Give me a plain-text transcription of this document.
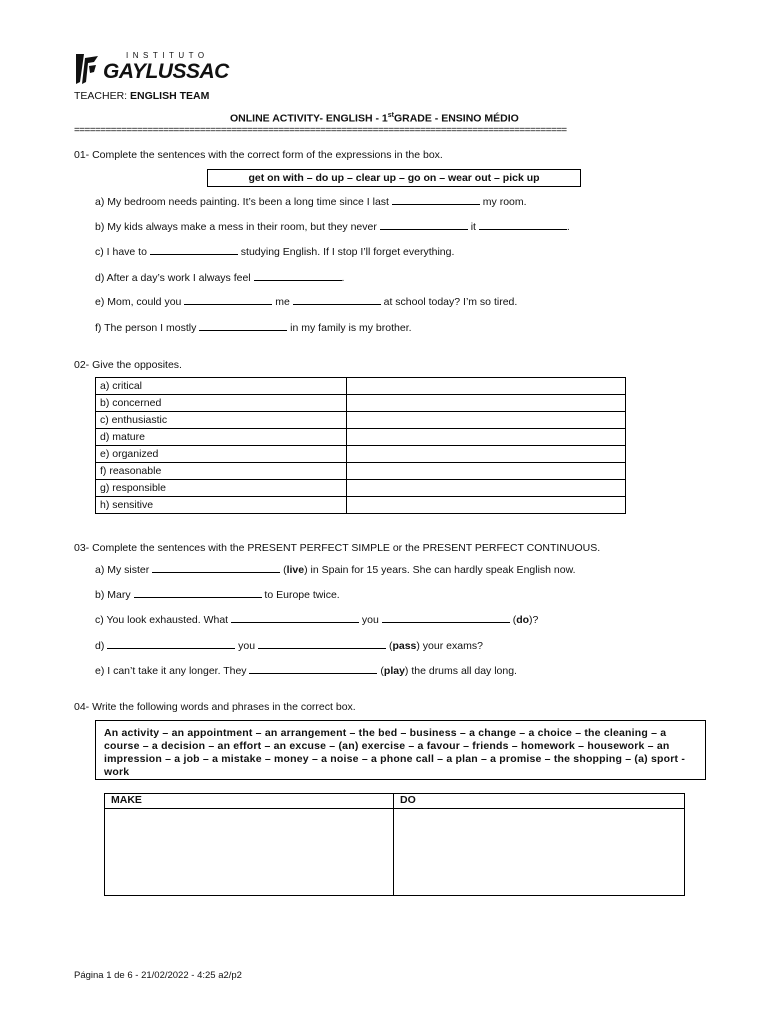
INSTITUTO
GAYLUSSAC
TEACHER: ENGLISH TEAM
ONLINE ACTIVITY- ENGLISH - 1stGRADE - ENSINO MÉDIO
==============================================================================================
01- Complete the sentences with the correct form of the expressions in the box.
get on with – do up – clear up – go on – wear out – pick up
a) My bedroom needs painting. It’s been a long time since I last	my room.
b) My kids always make a mess in their room, but they never	it	.
c) I have to	studying English. If I stop I’ll forget everything.
d) After a day’s work I always feel	.
e) Mom, could you	me	at school today? I’m so tired.
f) The person I mostly	in my family is my brother.
02- Give the opposites.
a) critical	
b) concerned	
c) enthusiastic	
d) mature	
e) organized	
f) reasonable	
g) responsible	
h) sensitive	
03- Complete the sentences with the PRESENT PERFECT SIMPLE or the PRESENT PERFECT CONTINUOUS.
a) My sister	(live) in Spain for 15 years. She can hardly speak English now.
b) Mary	to Europe twice.
c) You look exhausted. What	you	(do)?
d)	you	(pass) your exams?
e) I can’t take it any longer. They	(play) the drums all day long.
04- Write the following words and phrases in the correct box.
An activity – an appointment – an arrangement – the bed – business – a change – a choice – the cleaning – a course – a decision – an effort – an excuse – (an) exercise – a favour – friends – homework – housework – an impression – a job – a mistake – money – a noise – a phone call – a plan – a promise – the shopping – (a) sport - work
MAKE	DO

Página 1 de 6 - 21/02/2022 - 4:25 a2/p2
